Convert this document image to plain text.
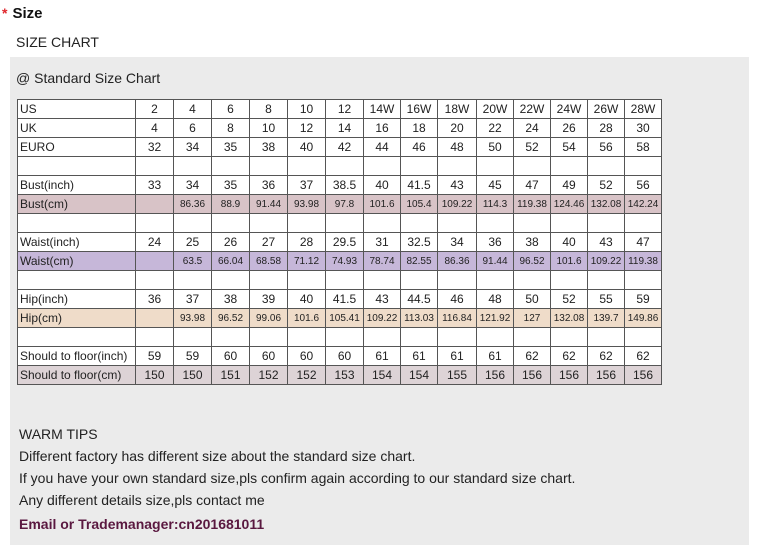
* Size
SIZE CHART
@ Standard Size Chart
US	2	4	6	8	10	12	14W	16W	18W	20W	22W	24W	26W	28W
UK	4	6	8	10	12	14	16	18	20	22	24	26	28	30
EURO	32	34	35	38	40	42	44	46	48	50	52	54	56	58

Bust(inch)	33	34	35	36	37	38.5	40	41.5	43	45	47	49	52	56
Bust(cm)		86.36	88.9	91.44	93.98	97.8	101.6	105.4	109.22	114.3	119.38	124.46	132.08	142.24

Waist(inch)	24	25	26	27	28	29.5	31	32.5	34	36	38	40	43	47
Waist(cm)		63.5	66.04	68.58	71.12	74.93	78.74	82.55	86.36	91.44	96.52	101.6	109.22	119.38

Hip(inch)	36	37	38	39	40	41.5	43	44.5	46	48	50	52	55	59
Hip(cm)		93.98	96.52	99.06	101.6	105.41	109.22	113.03	116.84	121.92	127	132.08	139.7	149.86

Should to floor(inch)	59	59	60	60	60	60	61	61	61	61	62	62	62	62
Should to floor(cm)	150	150	151	152	152	153	154	154	155	156	156	156	156	156
WARM TIPS
Different factory has different size about the standard size chart.
If you have your own standard size,pls confirm again according to our standard size chart.
Any different details size,pls contact me
Email or Trademanager:cn201681011
